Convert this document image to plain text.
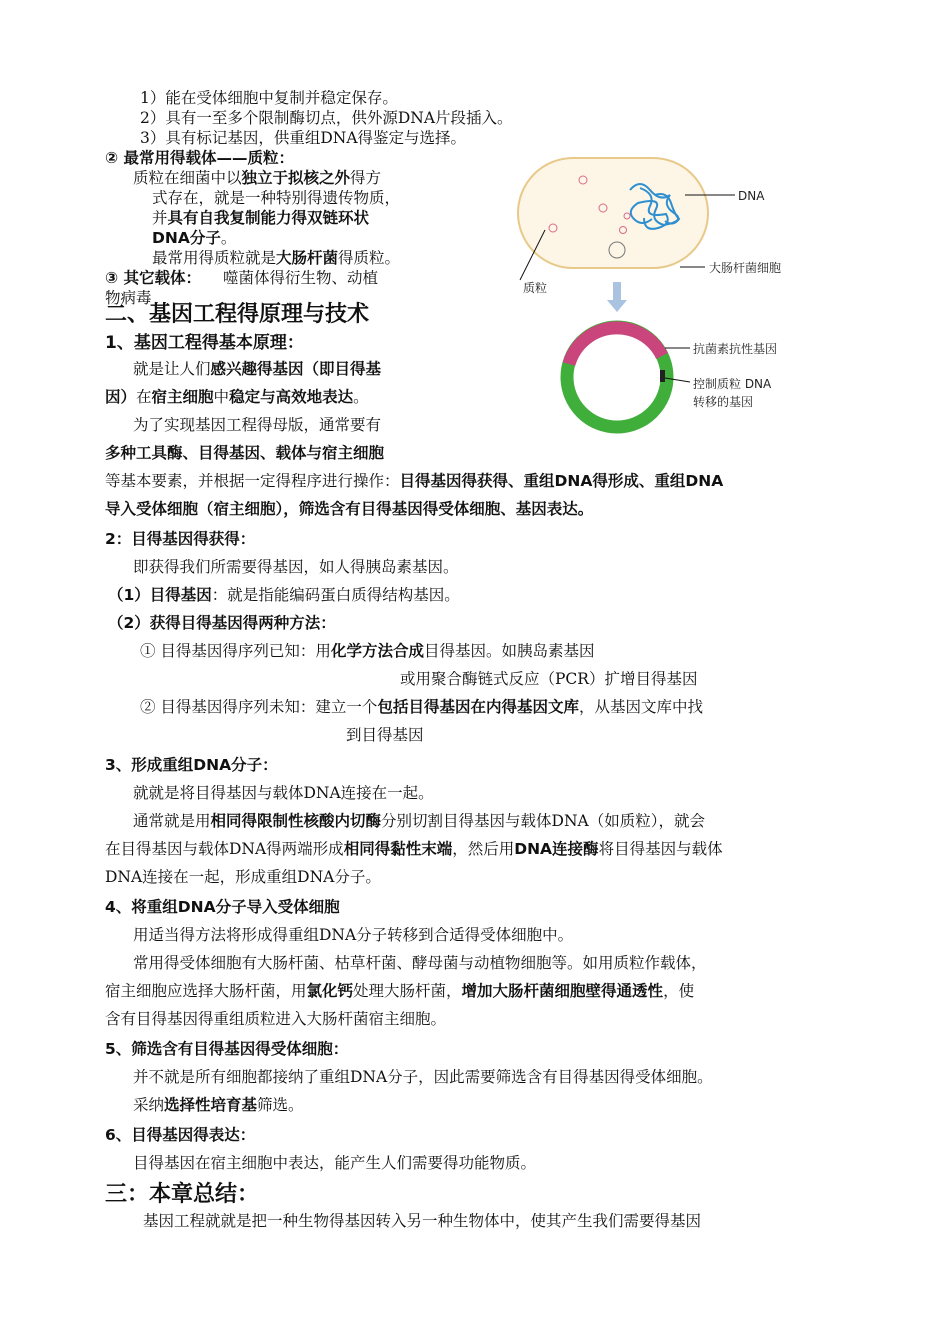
1）能在受体细胞中复制并稳定保存。
2）具有一至多个限制酶切点，供外源DNA片段插入。
3）具有标记基因，供重组DNA得鉴定与选择。
② 最常用得载体——质粒：
质粒在细菌中以独立于拟核之外得方
式存在，就是一种特别得遗传物质，
并具有自我复制能力得双链环状
DNA分子。
最常用得质粒就是大肠杆菌得质粒。
③ 其它载体： 噬菌体得衍生物、动植
物病毒
DNA
质粒
大肠杆菌细胞
抗菌素抗性基因
控制质粒 DNA
转移的基因
二、基因工程得原理与技术
1、基因工程得基本原理：
就是让人们感兴趣得基因（即目得基
因）在宿主细胞中稳定与高效地表达。
为了实现基因工程得母版，通常要有
多种工具酶、目得基因、载体与宿主细胞
等基本要素，并根据一定得程序进行操作：目得基因得获得、重组DNA得形成、重组DNA
导入受体细胞（宿主细胞），筛选含有目得基因得受体细胞、基因表达。
2：目得基因得获得：
即获得我们所需要得基因，如人得胰岛素基因。
（1）目得基因：就是指能编码蛋白质得结构基因。
（2）获得目得基因得两种方法：
① 目得基因得序列已知：用化学方法合成目得基因。如胰岛素基因
或用聚合酶链式反应（PCR）扩增目得基因
② 目得基因得序列未知：建立一个包括目得基因在内得基因文库，从基因文库中找
到目得基因
3、形成重组DNA分子：
就就是将目得基因与载体DNA连接在一起。
通常就是用相同得限制性核酸内切酶分别切割目得基因与载体DNA（如质粒），就会
在目得基因与载体DNA得两端形成相同得黏性末端，然后用DNA连接酶将目得基因与载体
DNA连接在一起，形成重组DNA分子。
4、将重组DNA分子导入受体细胞
用适当得方法将形成得重组DNA分子转移到合适得受体细胞中。
常用得受体细胞有大肠杆菌、枯草杆菌、酵母菌与动植物细胞等。如用质粒作载体，
宿主细胞应选择大肠杆菌，用氯化钙处理大肠杆菌，增加大肠杆菌细胞壁得通透性，使
含有目得基因得重组质粒进入大肠杆菌宿主细胞。
5、筛选含有目得基因得受体细胞：
并不就是所有细胞都接纳了重组DNA分子，因此需要筛选含有目得基因得受体细胞。
采纳选择性培育基筛选。
6、目得基因得表达：
目得基因在宿主细胞中表达，能产生人们需要得功能物质。
三：本章总结：
基因工程就就是把一种生物得基因转入另一种生物体中，使其产生我们需要得基因
